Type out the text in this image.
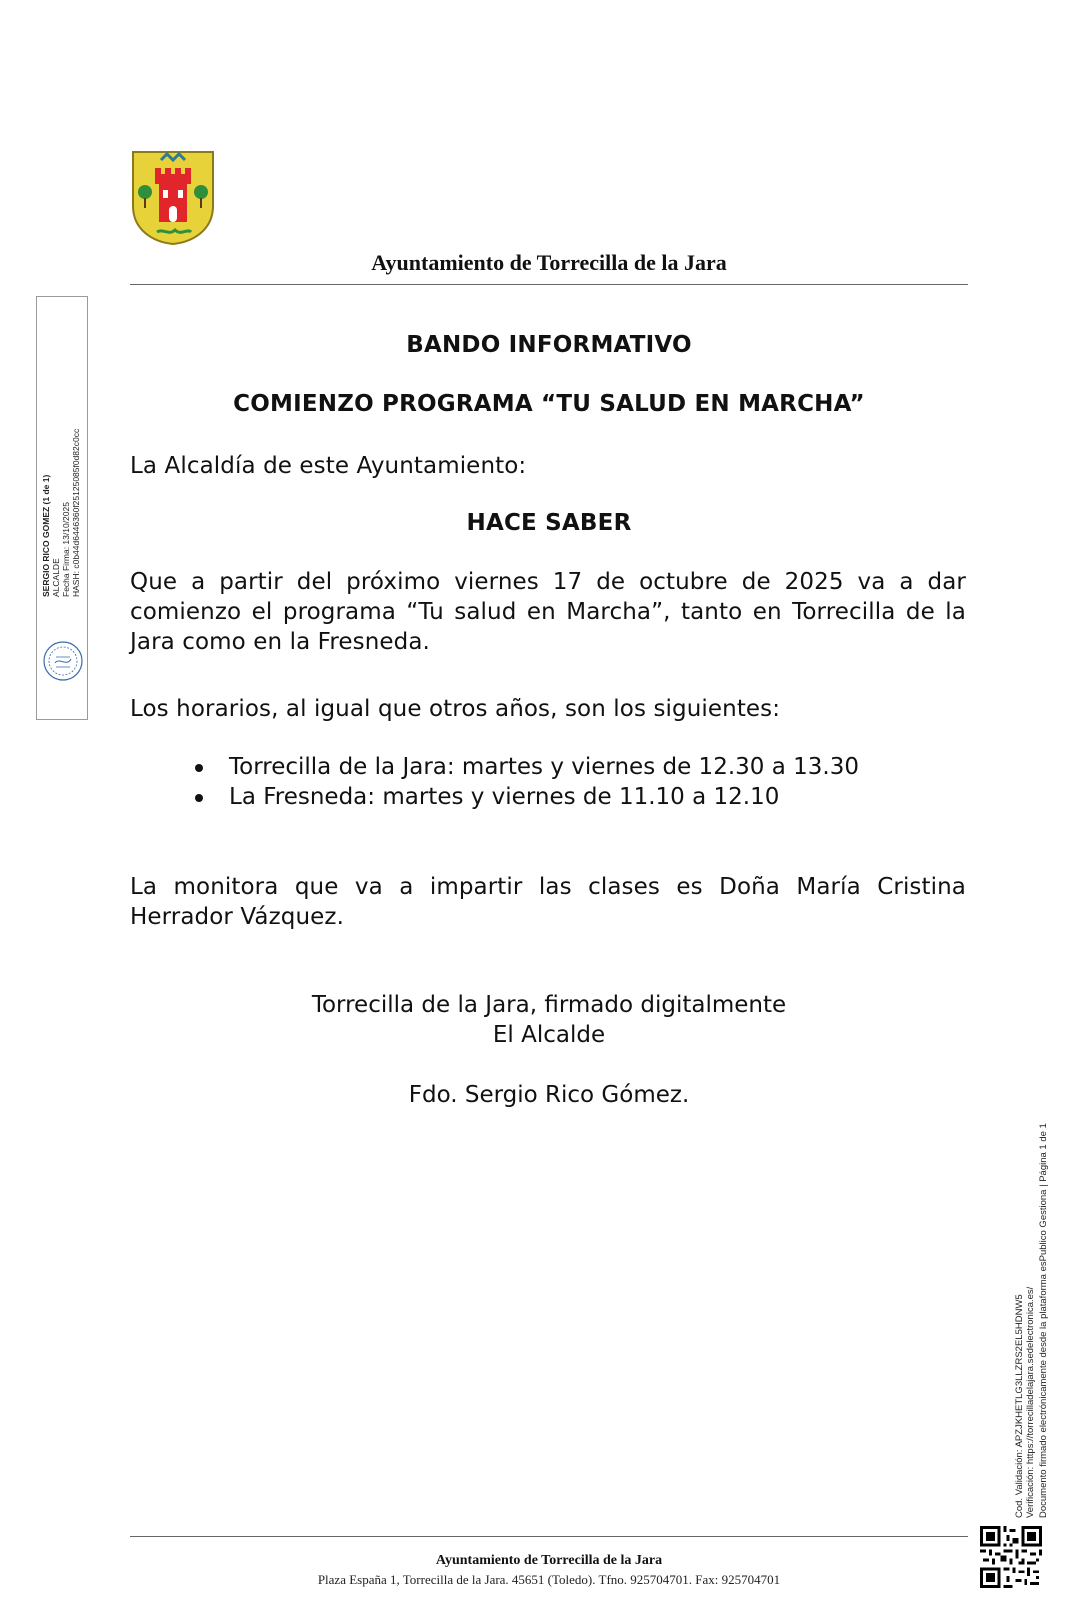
Ayuntamiento de Torrecilla de la Jara
SERGIO RICO GOMEZ (1 de 1) ALCALDE Fecha Firma: 13/10/2025 HASH: c0b44d6446360f25125085f0d82c0cc
BANDO INFORMATIVO
COMIENZO PROGRAMA “TU SALUD EN MARCHA”
La Alcaldía de este Ayuntamiento:
HACE SABER
Que a partir del próximo viernes 17 de octubre de 2025 va a dar comienzo el programa “Tu salud en Marcha”, tanto en Torrecilla de la Jara como en la Fresneda.
Los horarios, al igual que otros años, son los siguientes:
Torrecilla de la Jara: martes y viernes de 12.30 a 13.30
La Fresneda: martes y viernes de 11.10 a 12.10
La monitora que va a impartir las clases es Doña María Cristina Herrador Vázquez.
Torrecilla de la Jara, firmado digitalmente
El Alcalde
Fdo. Sergio Rico Gómez.
Cod. Validación: APZJKHETLG3LLZRS2EL5HDNW5 Verificación: https://torrecilladelajara.sedelectronica.es/ Documento firmado electrónicamente desde la plataforma esPublico Gestiona | Página 1 de 1
Ayuntamiento de Torrecilla de la Jara
Plaza España 1, Torrecilla de la Jara. 45651 (Toledo). Tfno. 925704701. Fax: 925704701
